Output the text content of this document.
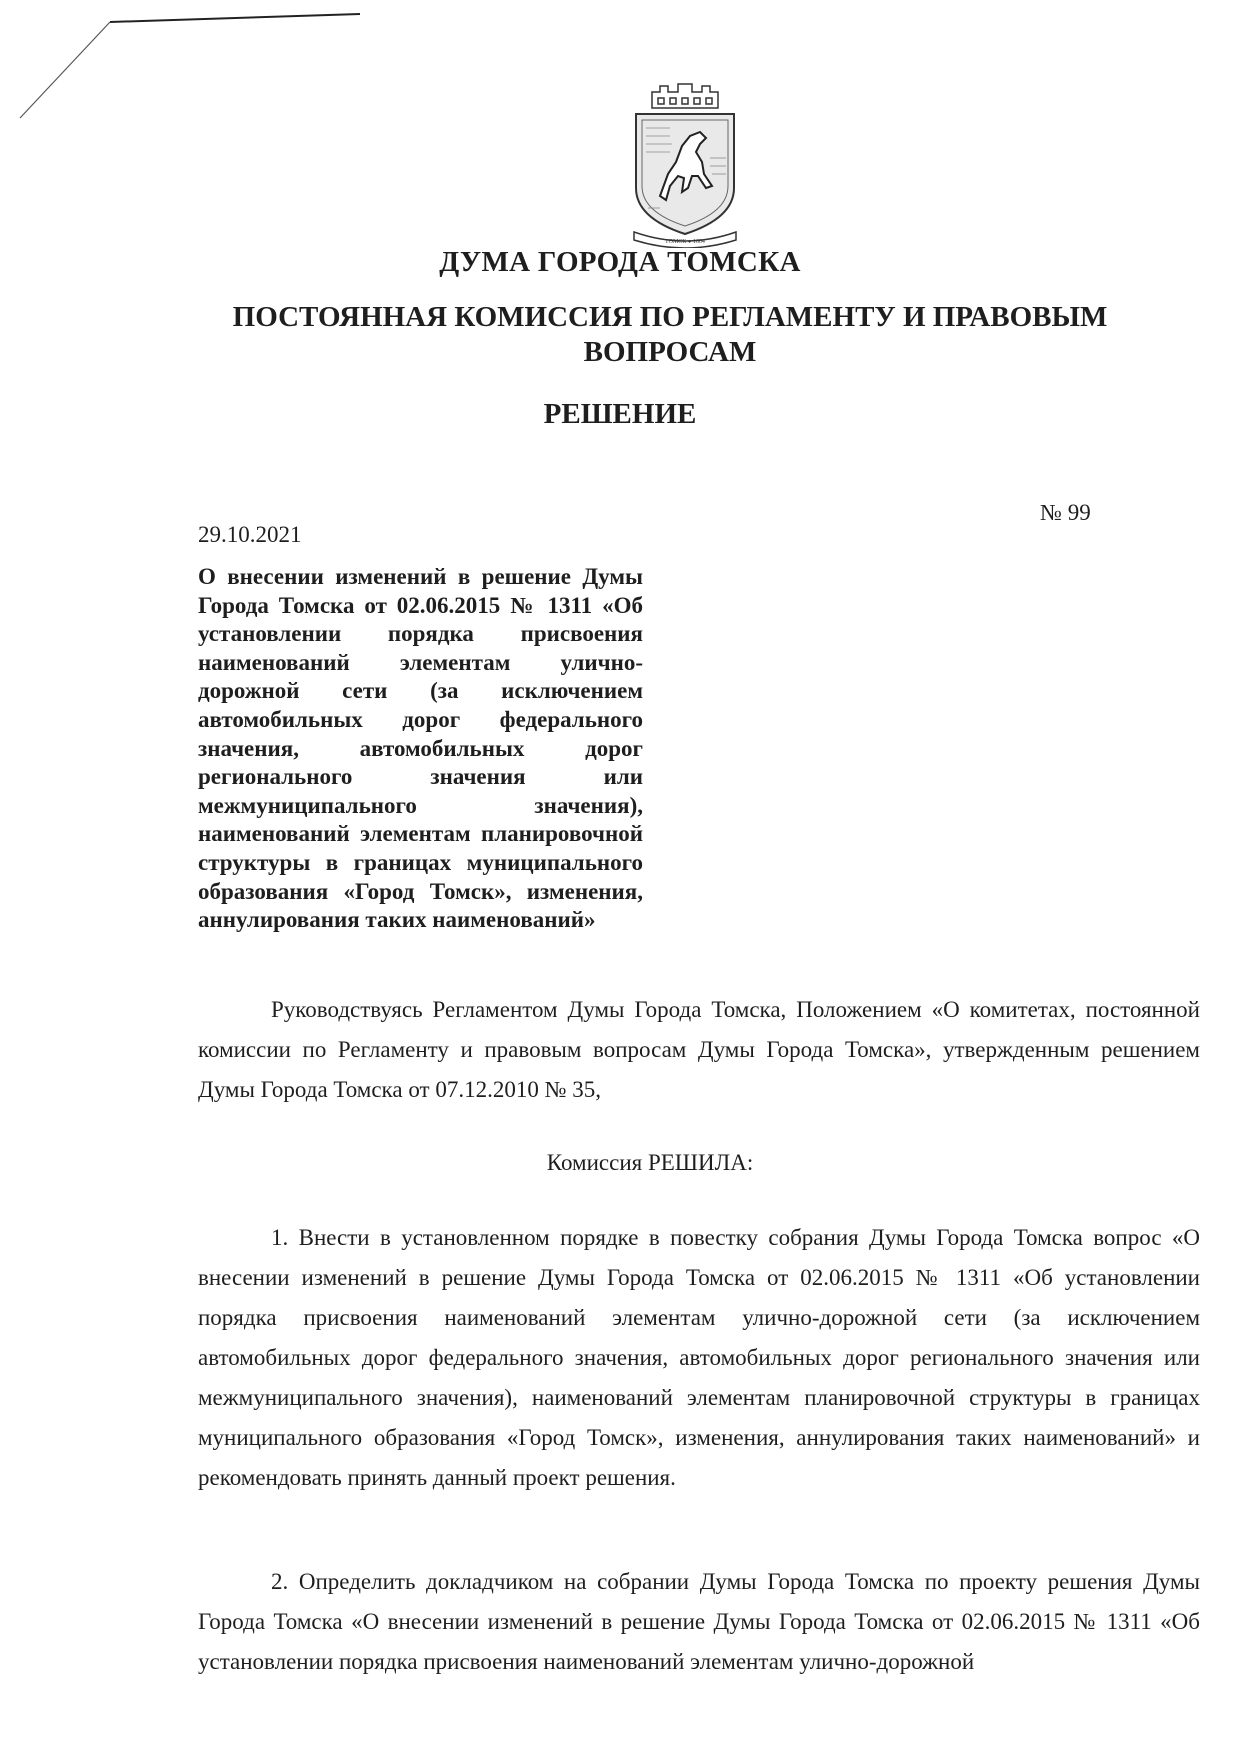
ТОМСК ● 1604
ДУМА ГОРОДА ТОМСКА
ПОСТОЯННАЯ КОМИССИЯ ПО РЕГЛАМЕНТУ И ПРАВОВЫМ ВОПРОСАМ
РЕШЕНИЕ
№ 99
29.10.2021
О внесении изменений в решение Думы Города Томска от 02.06.2015 № 1311 «Об установлении порядка присвоения наименований элементам улично-дорожной сети (за исключением автомобильных дорог федерального значения, автомобильных дорог регионального значения или межмуниципального значения), наименований элементам планировочной структуры в границах муниципального образования «Город Томск», изменения, аннулирования таких наименований»

Руководствуясь Регламентом Думы Города Томска, Положением «О комитетах, постоянной комиссии по Регламенту и правовым вопросам Думы Города Томска», утвержденным решением Думы Города Томска от 07.12.2010 № 35,

Комиссия РЕШИЛА:

1. Внести в установленном порядке в повестку собрания Думы Города Томска вопрос «О внесении изменений в решение Думы Города Томска от 02.06.2015 № 1311 «Об установлении порядка присвоения наименований элементам улично-дорожной сети (за исключением автомобильных дорог федерального значения, автомобильных дорог регионального значения или межмуниципального значения), наименований элементам планировочной структуры в границах муниципального образования «Город Томск», изменения, аннулирования таких наименований» и рекомендовать принять данный проект решения.

2. Определить докладчиком на собрании Думы Города Томска по проекту решения Думы Города Томска «О внесении изменений в решение Думы Города Томска от 02.06.2015 № 1311 «Об установлении порядка присвоения наименований элементам улично-дорожной
